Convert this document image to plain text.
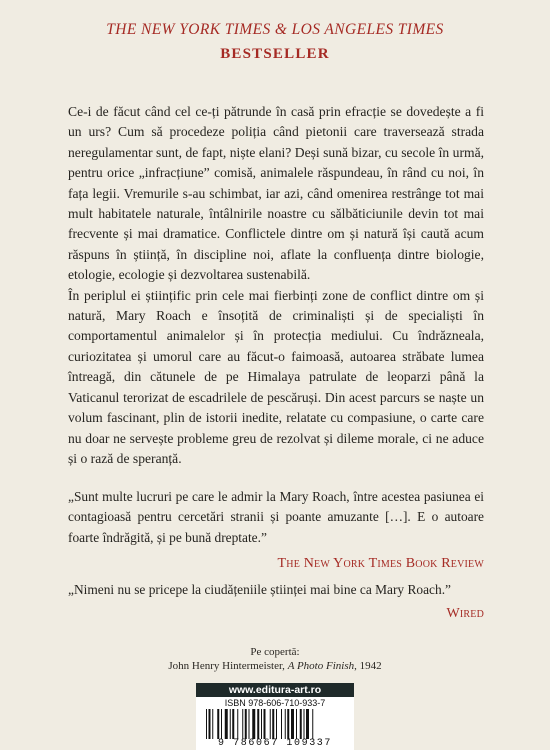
THE NEW YORK TIMES & LOS ANGELES TIMES
BESTSELLER

Ce-i de făcut când cel ce-ți pătrunde în casă prin efracție se dovedește a fi un urs? Cum să procedeze poliția când pietonii care traversează strada neregulamentar sunt, de fapt, niște elani? Deși sună bizar, cu secole în urmă, pentru orice „infracțiune” comisă, animalele răspundeau, în rând cu noi, în fața legii. Vremurile s-au schimbat, iar azi, când omenirea restrânge tot mai mult habitatele naturale, întâlnirile noastre cu sălbăticiunile devin tot mai frecvente și mai dramatice. Conflictele dintre om și natură își caută acum răspuns în știință, în discipline noi, aflate la confluența dintre biologie, etologie, ecologie și dezvoltarea sustenabilă.

În periplul ei științific prin cele mai fierbinți zone de conflict dintre om și natură, Mary Roach e însoțită de criminaliști și de specialiști în comportamentul animalelor și în protecția mediului. Cu îndrăzneala, curiozitatea și umorul care au făcut-o faimoasă, autoarea străbate lumea întreagă, din cătunele de pe Himalaya patrulate de leoparzi până la Vaticanul terorizat de escadrilele de pescăruși. Din acest parcurs se naște un volum fascinant, plin de istorii inedite, relatate cu compasiune, o carte care nu doar ne servește probleme greu de rezolvat și dileme morale, ci ne aduce și o rază de speranță.

„Sunt multe lucruri pe care le admir la Mary Roach, între acestea pasiunea ei contagioasă pentru cercetări stranii și poante amuzante […]. E o autoare foarte îndrăgită, și pe bună dreptate.”
The New York Times Book Review
„Nimeni nu se pricepe la ciudățeniile științei mai bine ca Mary Roach.”
Wired
Pe copertă:
John Henry Hintermeister, A Photo Finish, 1942
www.editura-art.ro
ISBN 978-606-710-933-7
9 786067 109337
